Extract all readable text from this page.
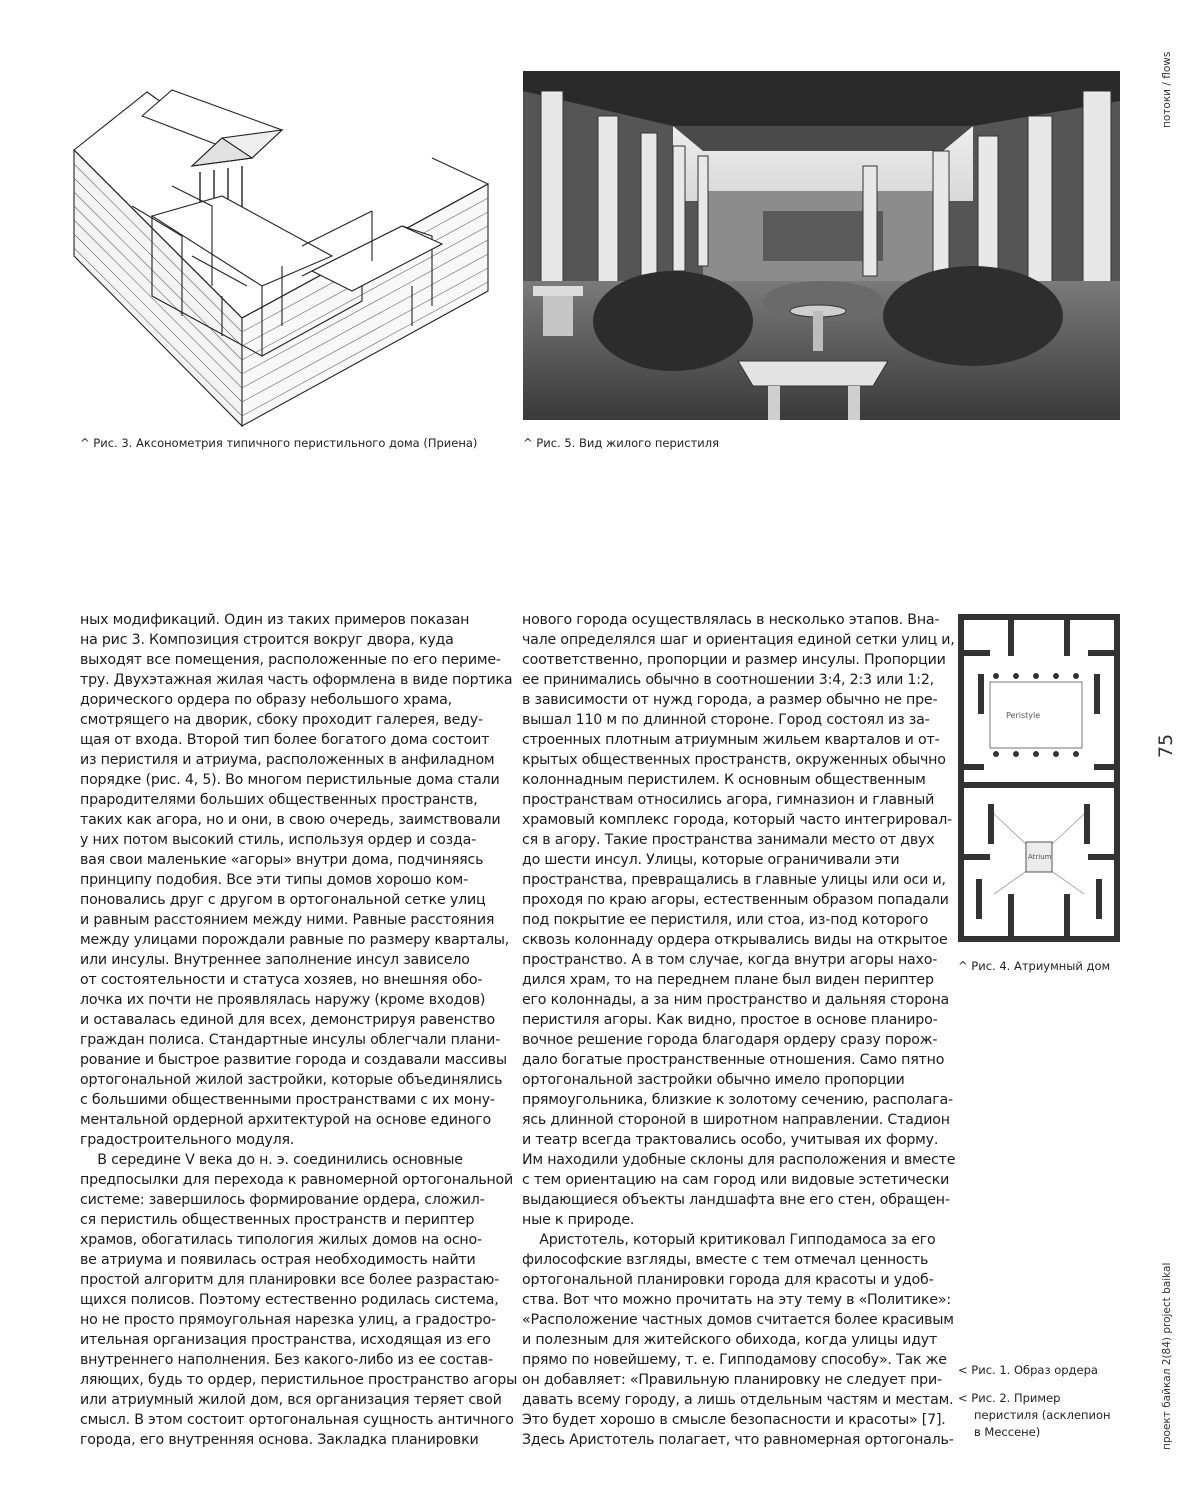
потоки / flows
75
проект байкал 2(84) project baikal
^ Рис. 3. Аксонометрия типичного перистильного дома (Приена)	^ Рис. 5. Вид жилого перистиля
Peristyle
Atrium
^ Рис. 4. Атриумный дом
ных модификаций. Один из таких примеров показан
на рис 3. Композиция строится вокруг двора, куда
выходят все помещения, расположенные по его периме-
тру. Двухэтажная жилая часть оформлена в виде портика
дорического ордера по образу небольшого храма,
смотрящего на дворик, сбоку проходит галерея, веду-
щая от входа. Второй тип более богатого дома состоит
из перистиля и атриума, расположенных в анфиладном
порядке (рис. 4, 5). Во многом перистильные дома стали
прародителями больших общественных пространств,
таких как агора, но и они, в свою очередь, заимствовали
у них потом высокий стиль, используя ордер и созда-
вая свои маленькие «агоры» внутри дома, подчиняясь
принципу подобия. Все эти типы домов хорошо ком-
поновались друг с другом в ортогональной сетке улиц
и равным расстоянием между ними. Равные расстояния
между улицами порождали равные по размеру кварталы,
или инсулы. Внутреннее заполнение инсул зависело
от состоятельности и статуса хозяев, но внешняя обо-
лочка их почти не проявлялась наружу (кроме входов)
и оставалась единой для всех, демонстрируя равенство
граждан полиса. Стандартные инсулы облегчали плани-
рование и быстрое развитие города и создавали массивы
ортогональной жилой застройки, которые объединялись
с большими общественными пространствами с их мону-
ментальной ордерной архитектурой на основе единого
градостроительного модуля.
В середине V века до н. э. соединились основные
предпосылки для перехода к равномерной ортогональной
системе: завершилось формирование ордера, сложил-
ся перистиль общественных пространств и периптер
храмов, обогатилась типология жилых домов на осно-
ве атриума и появилась острая необходимость найти
простой алгоритм для планировки все более разрастаю-
щихся полисов. Поэтому естественно родилась система,
но не просто прямоугольная нарезка улиц, а градостро-
ительная организация пространства, исходящая из его
внутреннего наполнения. Без какого-либо из ее состав-
ляющих, будь то ордер, перистильное пространство агоры
или атриумный жилой дом, вся организация теряет свой
смысл. В этом состоит ортогональная сущность античного
города, его внутренняя основа. Закладка планировки
нового города осуществлялась в несколько этапов. Вна-
чале определялся шаг и ориентация единой сетки улиц и,
соответственно, пропорции и размер инсулы. Пропорции
ее принимались обычно в соотношении 3:4, 2:3 или 1:2,
в зависимости от нужд города, а размер обычно не пре-
вышал 110 м по длинной стороне. Город состоял из за-
строенных плотным атриумным жильем кварталов и от-
крытых общественных пространств, окруженных обычно
колоннадным перистилем. К основным общественным
пространствам относились агора, гимназион и главный
храмовый комплекс города, который часто интегрировал-
ся в агору. Такие пространства занимали место от двух
до шести инсул. Улицы, которые ограничивали эти
пространства, превращались в главные улицы или оси и,
проходя по краю агоры, естественным образом попадали
под покрытие ее перистиля, или стоа, из-под которого
сквозь колоннаду ордера открывались виды на открытое
пространство. А в том случае, когда внутри агоры нахо-
дился храм, то на переднем плане был виден периптер
его колоннады, а за ним пространство и дальняя сторона
перистиля агоры. Как видно, простое в основе планиро-
вочное решение города благодаря ордеру сразу порож-
дало богатые пространственные отношения. Само пятно
ортогональной застройки обычно имело пропорции
прямоугольника, близкие к золотому сечению, располага-
ясь длинной стороной в широтном направлении. Стадион
и театр всегда трактовались особо, учитывая их форму.
Им находили удобные склоны для расположения и вместе
с тем ориентацию на сам город или видовые эстетически
выдающиеся объекты ландшафта вне его стен, обращен-
ные к природе.
Аристотель, который критиковал Гипподамоса за его
философские взгляды, вместе с тем отмечал ценность
ортогональной планировки города для красоты и удоб-
ства. Вот что можно прочитать на эту тему в «Политике»:
«Расположение частных домов считается более красивым
и полезным для житейского обихода, когда улицы идут
прямо по новейшему, т. е. Гипподамову способу». Так же
он добавляет: «Правильную планировку не следует при-
давать всему городу, а лишь отдельным частям и местам.
Это будет хорошо в смысле безопасности и красоты» [7].
Здесь Аристотель полагает, что равномерная ортогональ-
< Рис. 1. Образ ордера
< Рис. 2. Пример
перистиля (асклепион
в Мессене)
